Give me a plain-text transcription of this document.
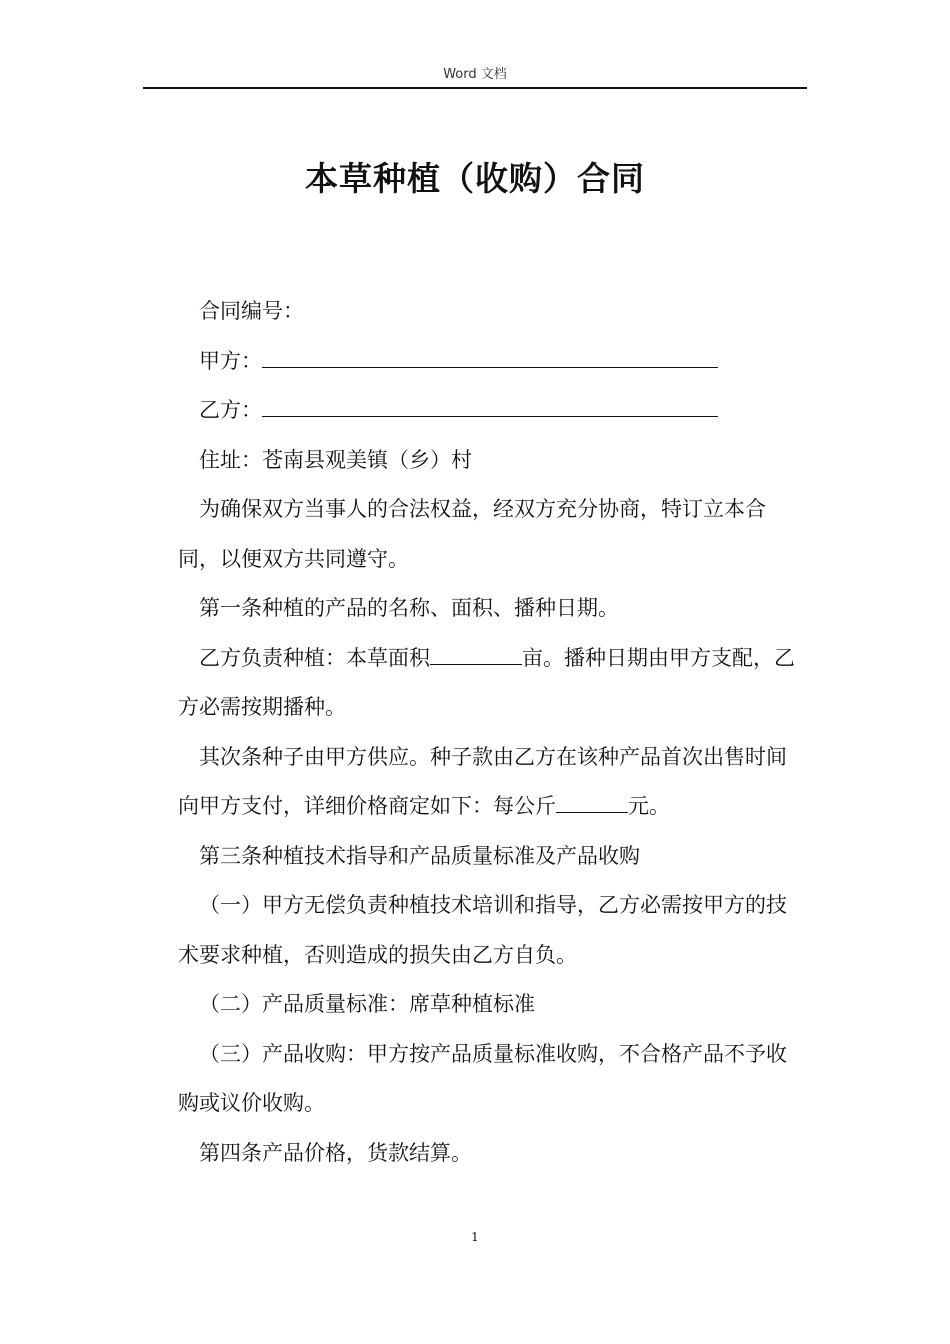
Word 文档
本草种植（收购）合同

合同编号：

甲方：

乙方：

住址：苍南县观美镇（乡）村

为确保双方当事人的合法权益，经双方充分协商，特订立本合同，以便双方共同遵守。

第一条种植的产品的名称、面积、播种日期。

乙方负责种植：本草面积	亩。播种日期由甲方支配，乙方必需按期播种。

其次条种子由甲方供应。种子款由乙方在该种产品首次出售时间向甲方支付，详细价格商定如下：每公斤	元。

第三条种植技术指导和产品质量标准及产品收购

（一）甲方无偿负责种植技术培训和指导，乙方必需按甲方的技术要求种植，否则造成的损失由乙方自负。

（二）产品质量标准：席草种植标准

（三）产品收购：甲方按产品质量标准收购，不合格产品不予收购或议价收购。

第四条产品价格，货款结算。

1
